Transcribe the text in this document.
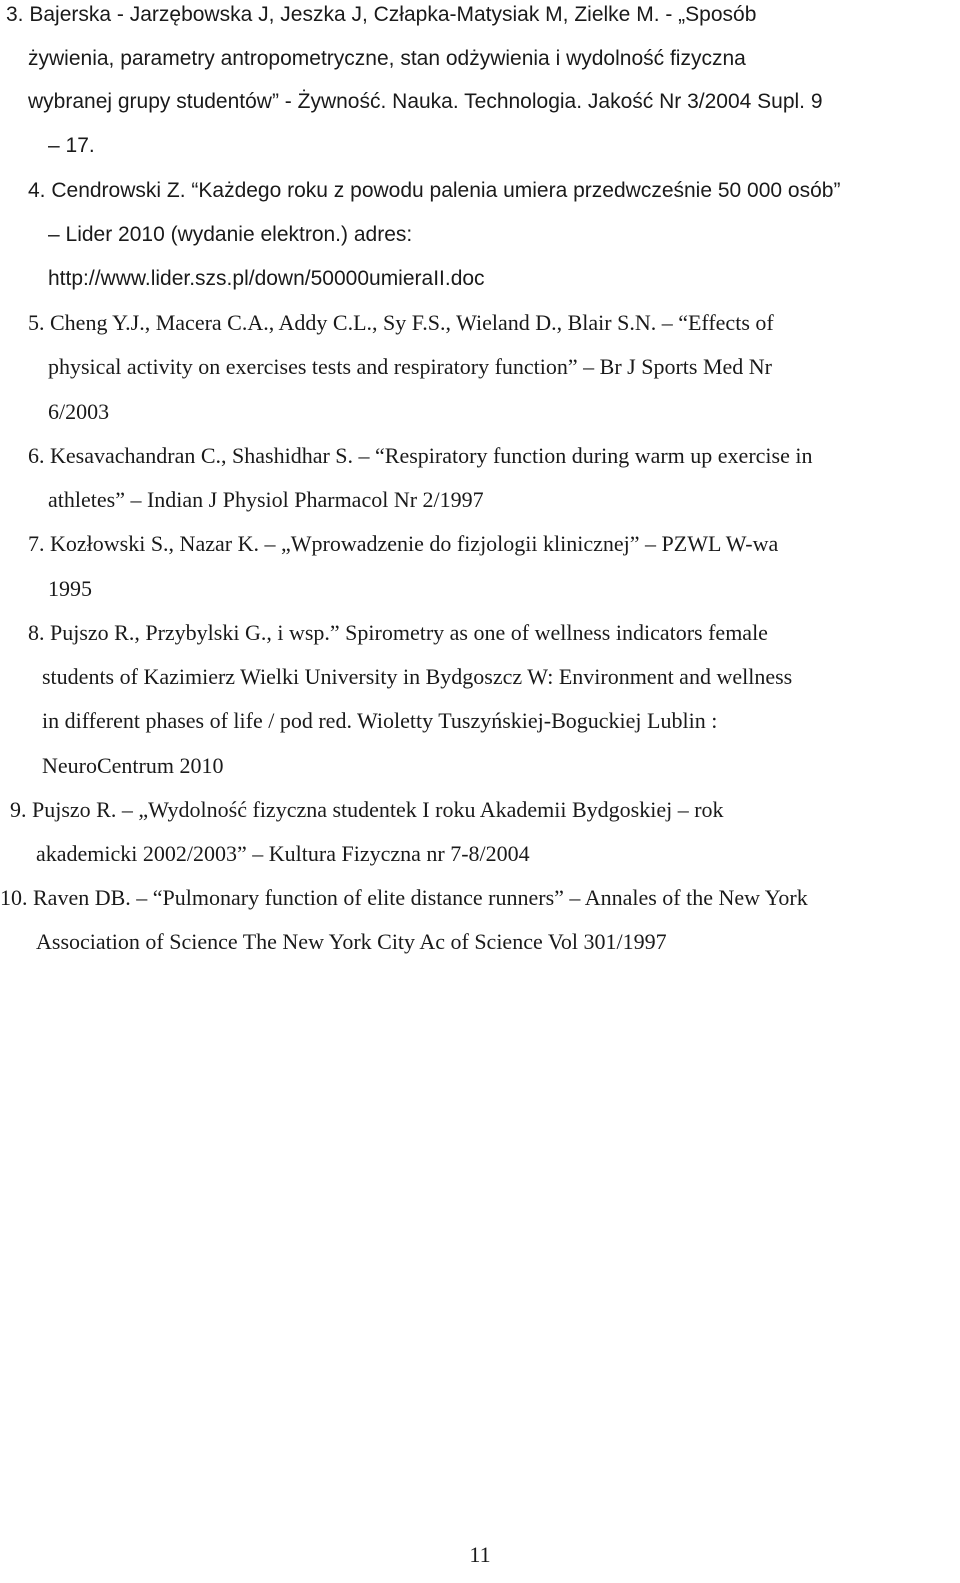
3. Bajerska - Jarzębowska J, Jeszka J, Człapka-Matysiak M, Zielke M. - „Sposób

żywienia, parametry antropometryczne, stan odżywienia i wydolność fizyczna

wybranej grupy studentów” - Żywność. Nauka. Technologia. Jakość Nr 3/2004 Supl. 9

– 17.

4. Cendrowski Z. “Każdego roku z powodu palenia umiera przedwcześnie 50 000 osób”

– Lider 2010 (wydanie elektron.) adres:

http://www.lider.szs.pl/down/50000umieraII.doc

5. Cheng Y.J., Macera C.A., Addy C.L., Sy F.S., Wieland D., Blair S.N. – “Effects of

physical activity on exercises tests and respiratory function” – Br J Sports Med Nr

6/2003

6. Kesavachandran C., Shashidhar S. – “Respiratory function during warm up exercise in

athletes” – Indian J Physiol Pharmacol Nr 2/1997

7. Kozłowski S., Nazar K. – „Wprowadzenie do fizjologii klinicznej” – PZWL W-wa

1995

8. Pujszo R., Przybylski G., i wsp.” Spirometry as one of wellness indicators female

students of Kazimierz Wielki University in Bydgoszcz W: Environment and wellness

in different phases of life / pod red. Wioletty Tuszyńskiej-Boguckiej Lublin :

NeuroCentrum 2010

9. Pujszo R. – „Wydolność fizyczna studentek I roku Akademii Bydgoskiej – rok

akademicki 2002/2003” – Kultura Fizyczna nr 7-8/2004

10. Raven DB. – “Pulmonary function of elite distance runners” – Annales of the New York

Association of Science The New York City Ac of Science Vol 301/1997

11
